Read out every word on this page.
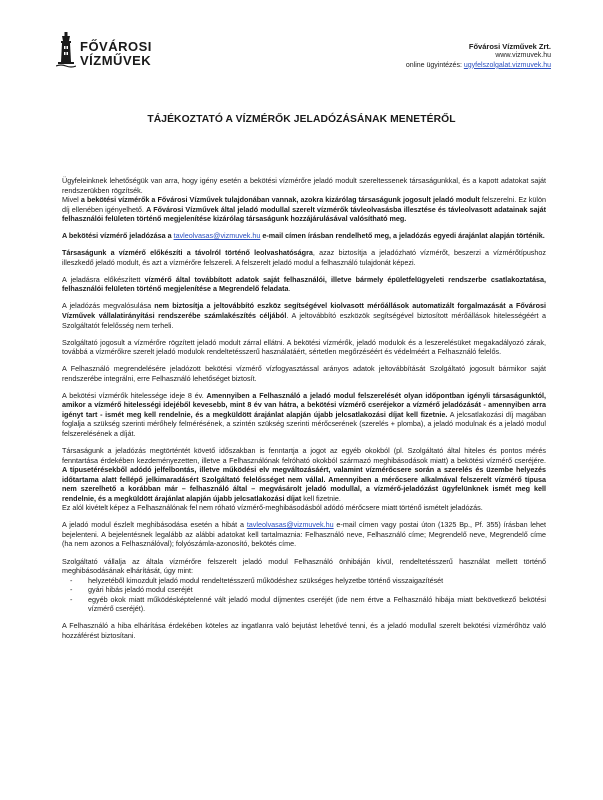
FŐVÁROSI
VÍZMŰVEK
Fővárosi Vízművek Zrt.
www.vizmuvek.hu
online ügyintézés: ugyfelszolgalat.vizmuvek.hu
TÁJÉKOZTATÓ A VÍZMÉRŐK JELADÓZÁSÁNAK MENETÉRŐL

Ügyfeleinknek lehetőségük van arra, hogy igény esetén a bekötési vízmérőre jeladó modult szereltessenek társaságunkkal, és a kapott adatokat saját rendszerükben rögzítsék.
Mivel a bekötési vízmérők a Fővárosi Vízművek tulajdonában vannak, azokra kizárólag társaságunk jogosult jeladó modult felszerelni. Ez külön díj ellenében igényelhető. A Fővárosi Vízművek által jeladó modullal szerelt vízmérők távleolvasásba illesztése és távleolvasott adatainak saját felhasználói felületen történő megjelenítése kizárólag társaságunk hozzájárulásával valósítható meg.

A bekötési vízmérő jeladózása a tavleolvasas@vizmuvek.hu e-mail címen írásban rendelhető meg, a jeladózás egyedi árajánlat alapján történik.

Társaságunk a vízmérő előkészíti a távolról történő leolvashatóságra, azaz biztosítja a jeladózható vízmérőt, beszerzi a vízmérőtípushoz illeszkedő jeladó modult, és azt a vízmérőre felszereli. A felszerelt jeladó modul a felhasználó tulajdonát képezi.

A jeladásra előkészített vízmérő által továbbított adatok saját felhasználói, illetve bármely épületfelügyeleti rendszerbe csatlakoztatása, felhasználói felületen történő megjelenítése a Megrendelő feladata.

A jeladózás megvalósulása nem biztosítja a jeltovábbító eszköz segítségével kiolvasott mérőállások automatizált forgalmazását a Fővárosi Vízművek vállalatirányítási rendszerébe számlakészítés céljából. A jeltovábbító eszközök segítségével biztosított mérőállások hitelességéért a Szolgáltatót felelősség nem terheli.

Szolgáltató jogosult a vízmérőre rögzített jeladó modult zárral ellátni. A bekötési vízmérők, jeladó modulok és a leszerelésüket megakadályozó zárak, továbbá a vízmérőkre szerelt jeladó modulok rendeltetésszerű használatáért, sértetlen megőrzéséért és védelméért a Felhasználó felelős.

A Felhasználó megrendelésére jeladózott bekötési vízmérő vízfogyasztással arányos adatok jeltovábbítását Szolgáltató jogosult bármikor saját rendszerébe integrálni, erre Felhasználó lehetőséget biztosít.

A bekötési vízmérők hitelessége ideje 8 év. Amennyiben a Felhasználó a jeladó modul felszerelését olyan időpontban igényli társaságunktól, amikor a vízmérő hitelességi idejéből kevesebb, mint 8 év van hátra, a bekötési vízmérő cseréjekor a vízmérő jeladózását - amennyiben arra igényt tart - ismét meg kell rendelnie, és a megküldött árajánlat alapján újabb jelcsatlakozási díjat kell fizetnie. A jelcsatlakozási díj magában foglalja a szükség szerinti mérőhely felmérésének, a szintén szükség szerinti mérőcserének (szerelés + plomba), a jeladó modulnak és a jeladó modul felszerelésének a díját.

Társaságunk a jeladózás megtörténtét követő időszakban is fenntartja a jogot az egyéb okokból (pl. Szolgáltató által hiteles és pontos mérés fenntartása érdekében kezdeményezetten, illetve a Felhasználónak felróható okokból származó meghibásodások miatt) a bekötési vízmérő cseréjére. A típusetérésekből adódó jelfelbontás, illetve működési elv megváltozásáért, valamint vízmérőcsere során a szerelés és üzembe helyezés időtartama alatt fellépő jelkimaradásért Szolgáltató felelősséget nem vállal. Amennyiben a mérőcsere alkalmával felszerelt vízmérő típusa nem szerelhető a korábban már – felhasználó által – megvásárolt jeladó modullal, a vízmérő-jeladózást ügyfelünknek ismét meg kell rendelnie, és a megküldött árajánlat alapján újabb jelcsatlakozási díjat kell fizetnie.
Ez alól kivételt képez a Felhasználónak fel nem róható vízmérő-meghibásodásból adódó mérőcsere miatt történő ismételt jeladózás.

A jeladó modul észlelt meghibásodása esetén a hibát a tavleolvasas@vizmuvek.hu e-mail címen vagy postai úton (1325 Bp., Pf. 355) írásban lehet bejelenteni. A bejelentésnek legalább az alábbi adatokat kell tartalmaznia: Felhasználó neve, Felhasználó címe; Megrendelő neve, Megrendelő címe (ha nem azonos a Felhasználóval); folyószámla-azonosító, bekötés címe.

Szolgáltató vállalja az általa vízmérőre felszerelt jeladó modul Felhasználó önhibáján kívül, rendeltetésszerű használat mellett történő meghibásodásának elhárítását, úgy mint:

- helyzetéből kimozdult jeladó modul rendeltetésszerű működéshez szükséges helyzetbe történő visszaigazítését
- gyári hibás jeladó modul cseréjét
- egyéb okok miatt működésképtelenné vált jeladó modul díjmentes cseréjét (ide nem értve a Felhasználó hibája miatt bekövetkező bekötési vízmérő cseréjét).

A Felhasználó a hiba elhárítása érdekében köteles az ingatlanra való bejutást lehetővé tenni, és a jeladó modullal szerelt bekötési vízmérőhöz való hozzáférést biztosítani.
